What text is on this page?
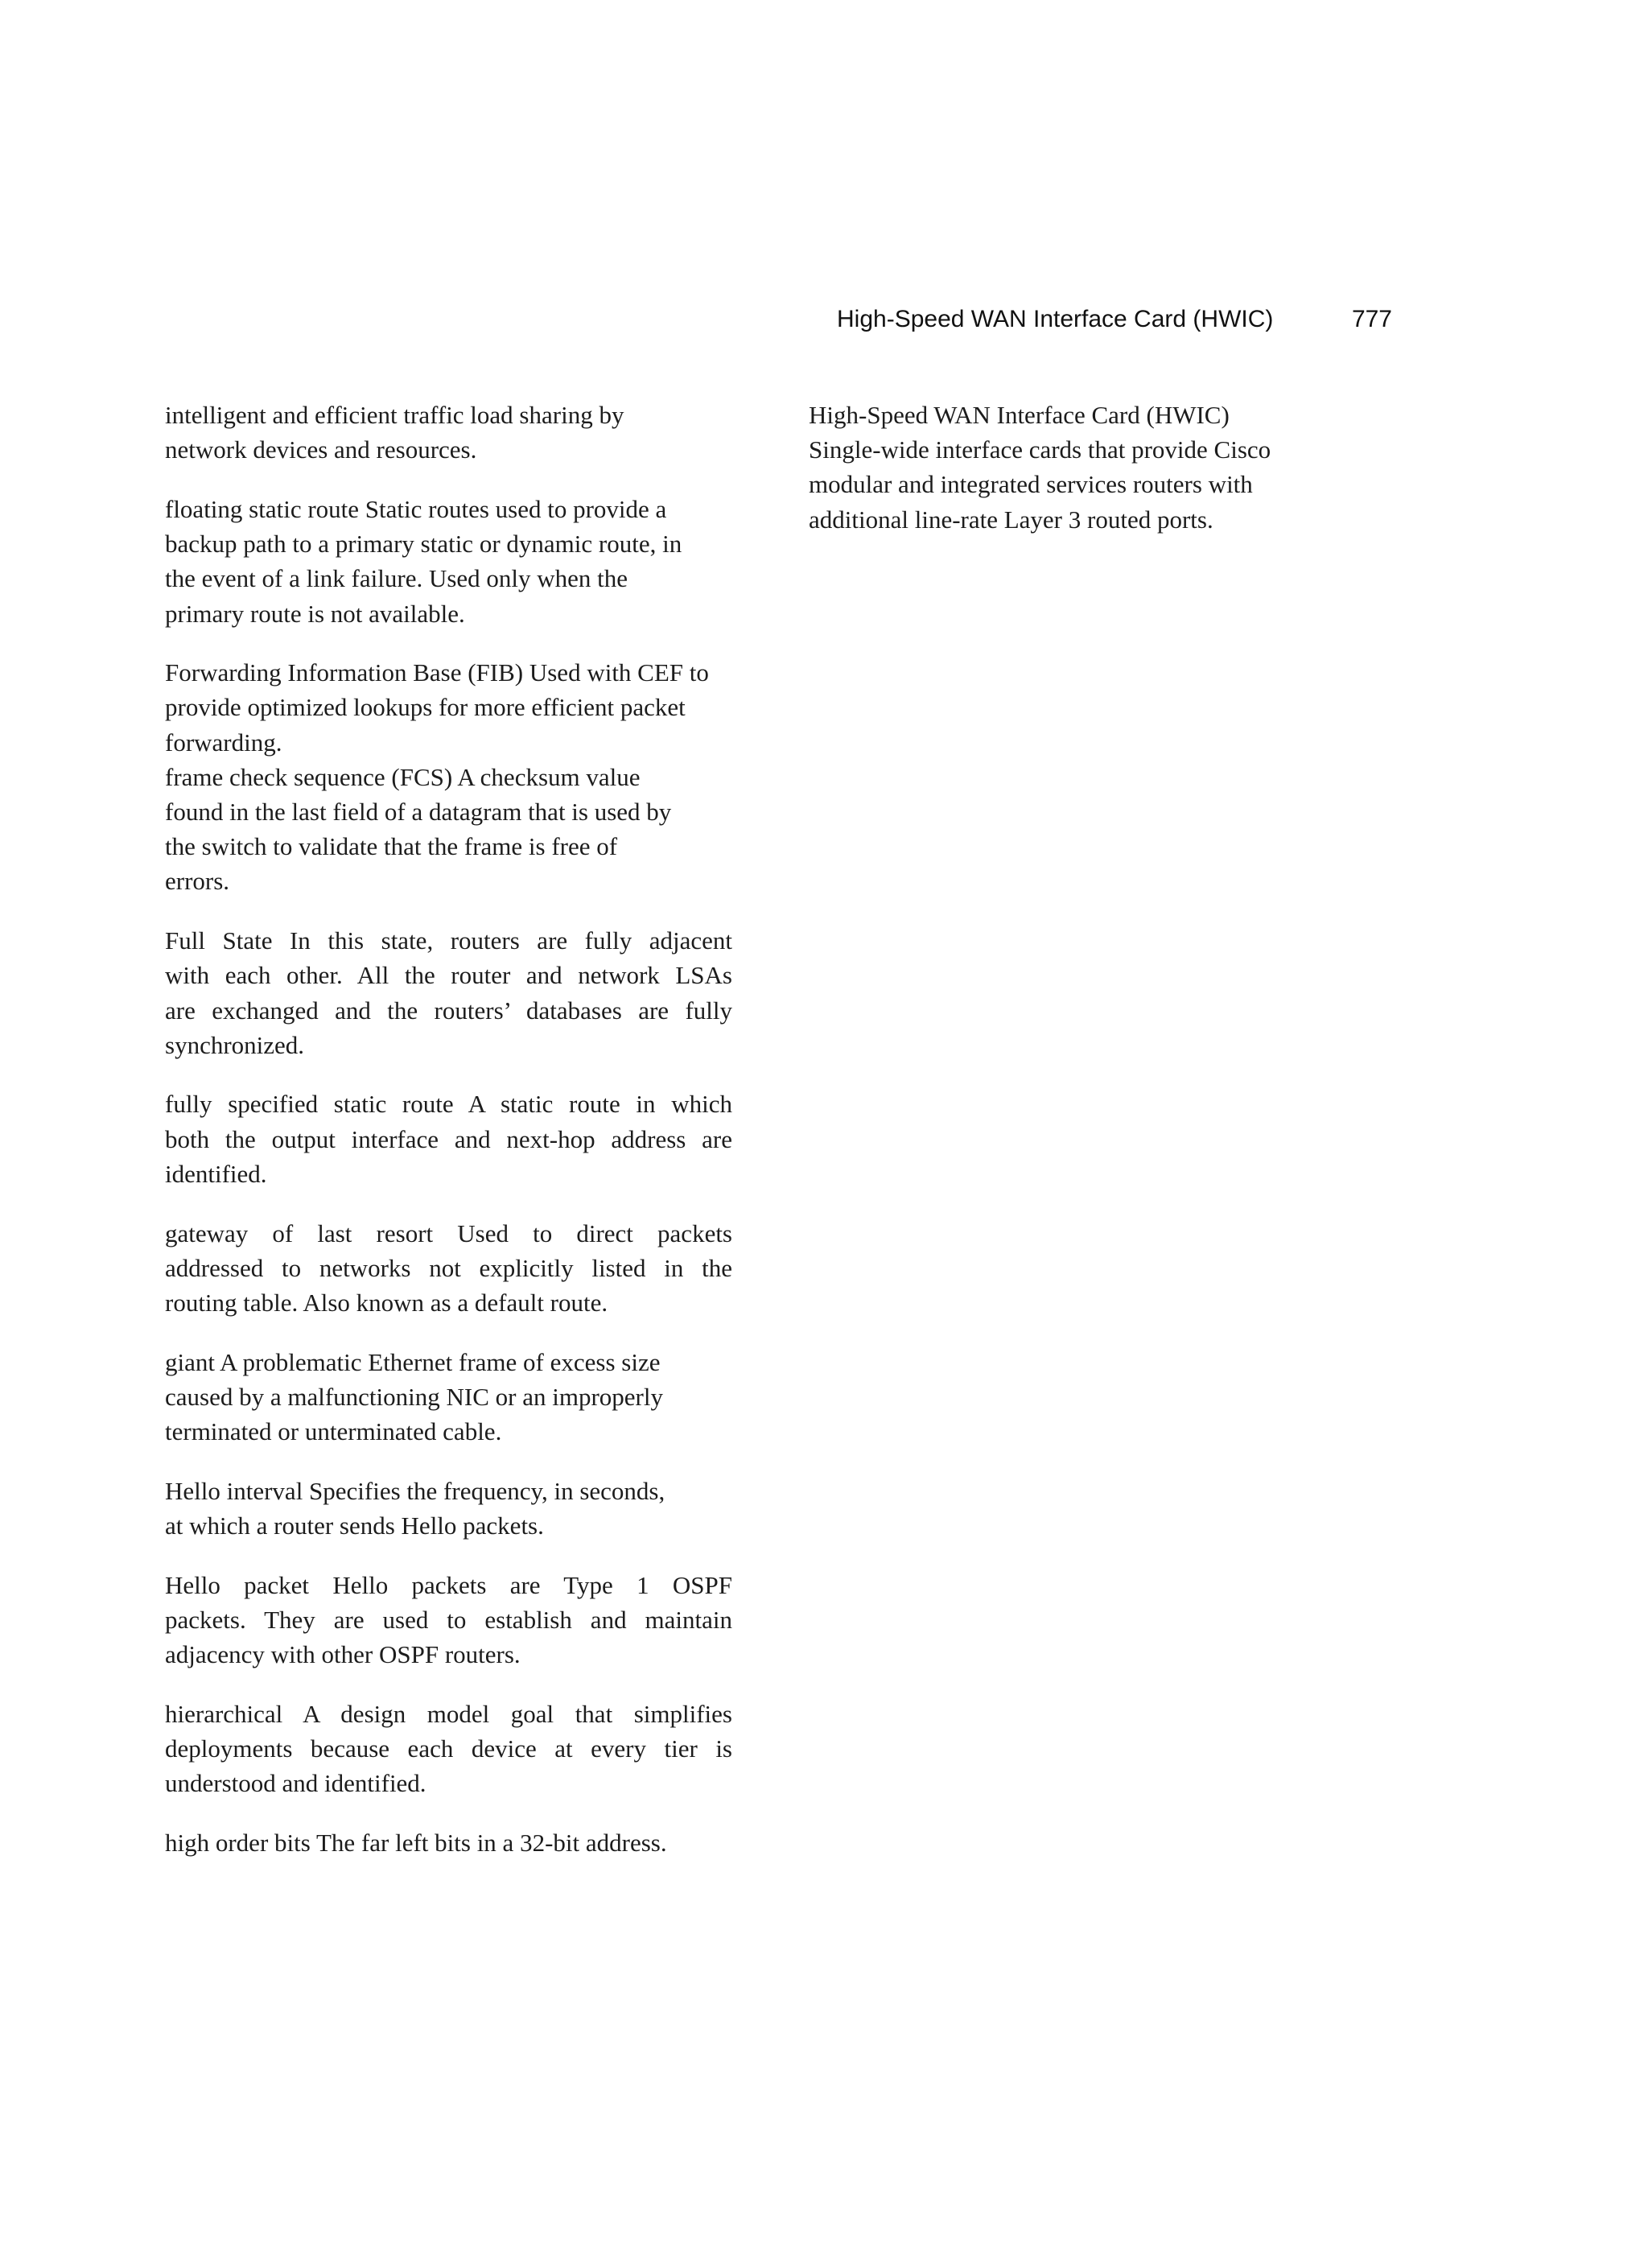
High-Speed WAN Interface Card (HWIC)	777

intelligent and efficient traffic load sharing by
network devices and resources.

floating static route Static routes used to provide a
backup path to a primary static or dynamic route, in
the event of a link failure. Used only when the
primary route is not available.

Forwarding Information Base (FIB) Used with CEF to
provide optimized lookups for more efficient packet
forwarding.

frame check sequence (FCS) A checksum value
found in the last field of a datagram that is used by
the switch to validate that the frame is free of
errors.

Full State In this state, routers are fully adjacent
with each other. All the router and network LSAs
are exchanged and the routers’ databases are fully
synchronized.

fully specified static route A static route in which
both the output interface and next-hop address are
identified.

gateway of last resort Used to direct packets
addressed to networks not explicitly listed in the
routing table. Also known as a default route.

giant A problematic Ethernet frame of excess size
caused by a malfunctioning NIC or an improperly
terminated or unterminated cable.

Hello interval Specifies the frequency, in seconds,
at which a router sends Hello packets.

Hello packet Hello packets are Type 1 OSPF
packets. They are used to establish and maintain
adjacency with other OSPF routers.

hierarchical A design model goal that simplifies
deployments because each device at every tier is
understood and identified.

high order bits The far left bits in a 32-bit address.

High-Speed WAN Interface Card (HWIC)
Single-wide interface cards that provide Cisco
modular and integrated services routers with
additional line-rate Layer 3 routed ports.
